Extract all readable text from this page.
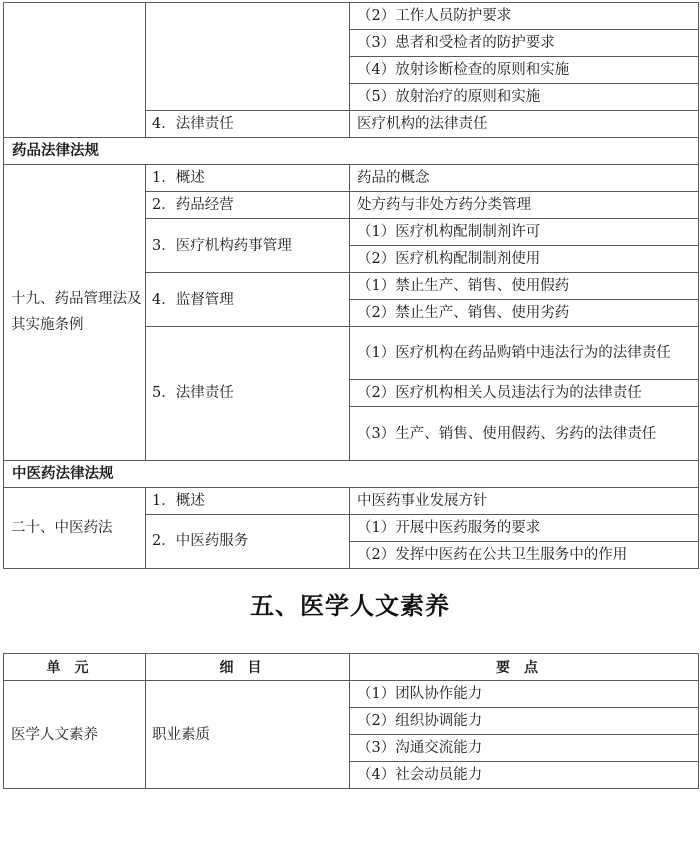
		（2）工作人员防护要求
		（3）患者和受检者的防护要求
		（4）放射诊断检查的原则和实施
		（5）放射治疗的原则和实施
	4．法律责任	医疗机构的法律责任
药品法律法规		
十九、药品管理法及其实施条例	1．概述	药品的概念
	2．药品经营	处方药与非处方药分类管理
	3．医疗机构药事管理	（1）医疗机构配制制剂许可
		（2）医疗机构配制制剂使用
	4．监督管理	（1）禁止生产、销售、使用假药
		（2）禁止生产、销售、使用劣药
	5．法律责任	（1）医疗机构在药品购销中违法行为的法律责任

		（2）医疗机构相关人员违法行为的法律责任
		（3）生产、销售、使用假药、劣药的法律责任

中医药法律法规		
二十、中医药法	1．概述	中医药事业发展方针
	2．中医药服务	（1）开展中医药服务的要求
		（2）发挥中医药在公共卫生服务中的作用
五、医学人文素养
单元	细目	要点
医学人文素养	职业素质	（1）团队协作能力
		（2）组织协调能力
		（3）沟通交流能力
		（4）社会动员能力
